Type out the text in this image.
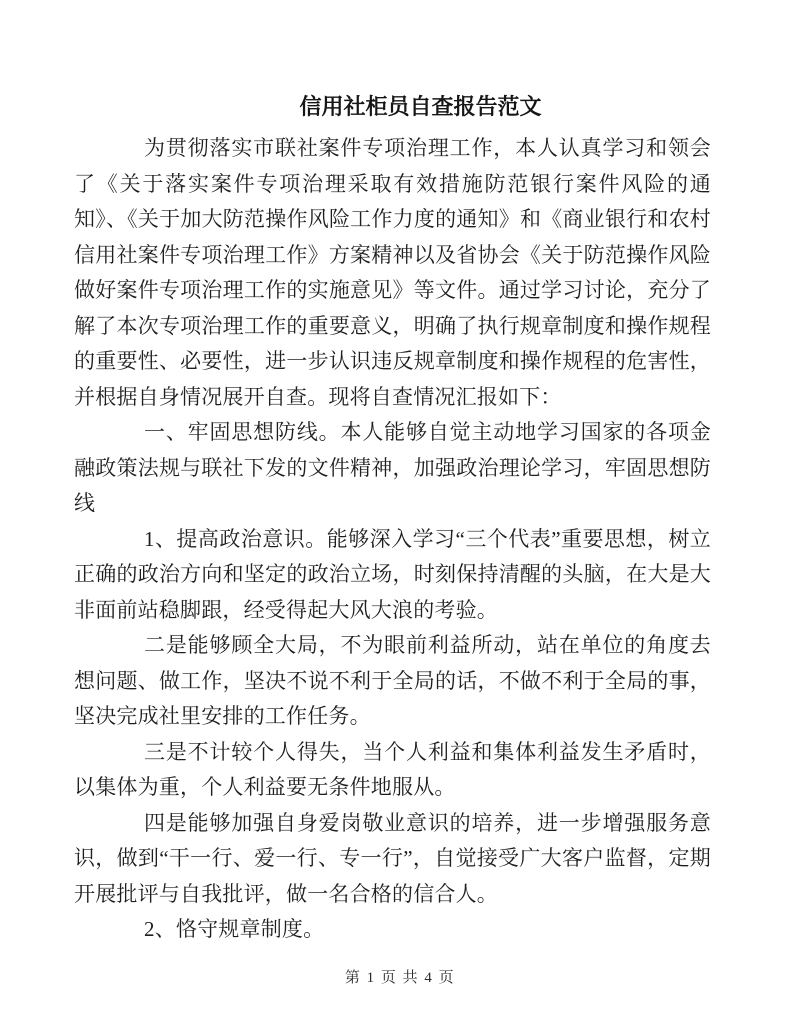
信用社柜员自查报告范文

为贯彻落实市联社案件专项治理工作，本人认真学习和领会了《关于落实案件专项治理采取有效措施防范银行案件风险的通知》、《关于加大防范操作风险工作力度的通知》和《商业银行和农村信用社案件专项治理工作》方案精神以及省协会《关于防范操作风险做好案件专项治理工作的实施意见》等文件。通过学习讨论，充分了解了本次专项治理工作的重要意义，明确了执行规章制度和操作规程的重要性、必要性，进一步认识违反规章制度和操作规程的危害性，并根据自身情况展开自查。现将自查情况汇报如下：

一、牢固思想防线。本人能够自觉主动地学习国家的各项金融政策法规与联社下发的文件精神，加强政治理论学习，牢固思想防线

1、提高政治意识。能够深入学习“三个代表”重要思想，树立正确的政治方向和坚定的政治立场，时刻保持清醒的头脑，在大是大非面前站稳脚跟，经受得起大风大浪的考验。

二是能够顾全大局，不为眼前利益所动，站在单位的角度去想问题、做工作，坚决不说不利于全局的话，不做不利于全局的事，坚决完成社里安排的工作任务。

三是不计较个人得失，当个人利益和集体利益发生矛盾时，以集体为重，个人利益要无条件地服从。

四是能够加强自身爱岗敬业意识的培养，进一步增强服务意识，做到“干一行、爱一行、专一行”，自觉接受广大客户监督，定期开展批评与自我批评，做一名合格的信合人。

2、恪守规章制度。

第 1 页 共 4 页
